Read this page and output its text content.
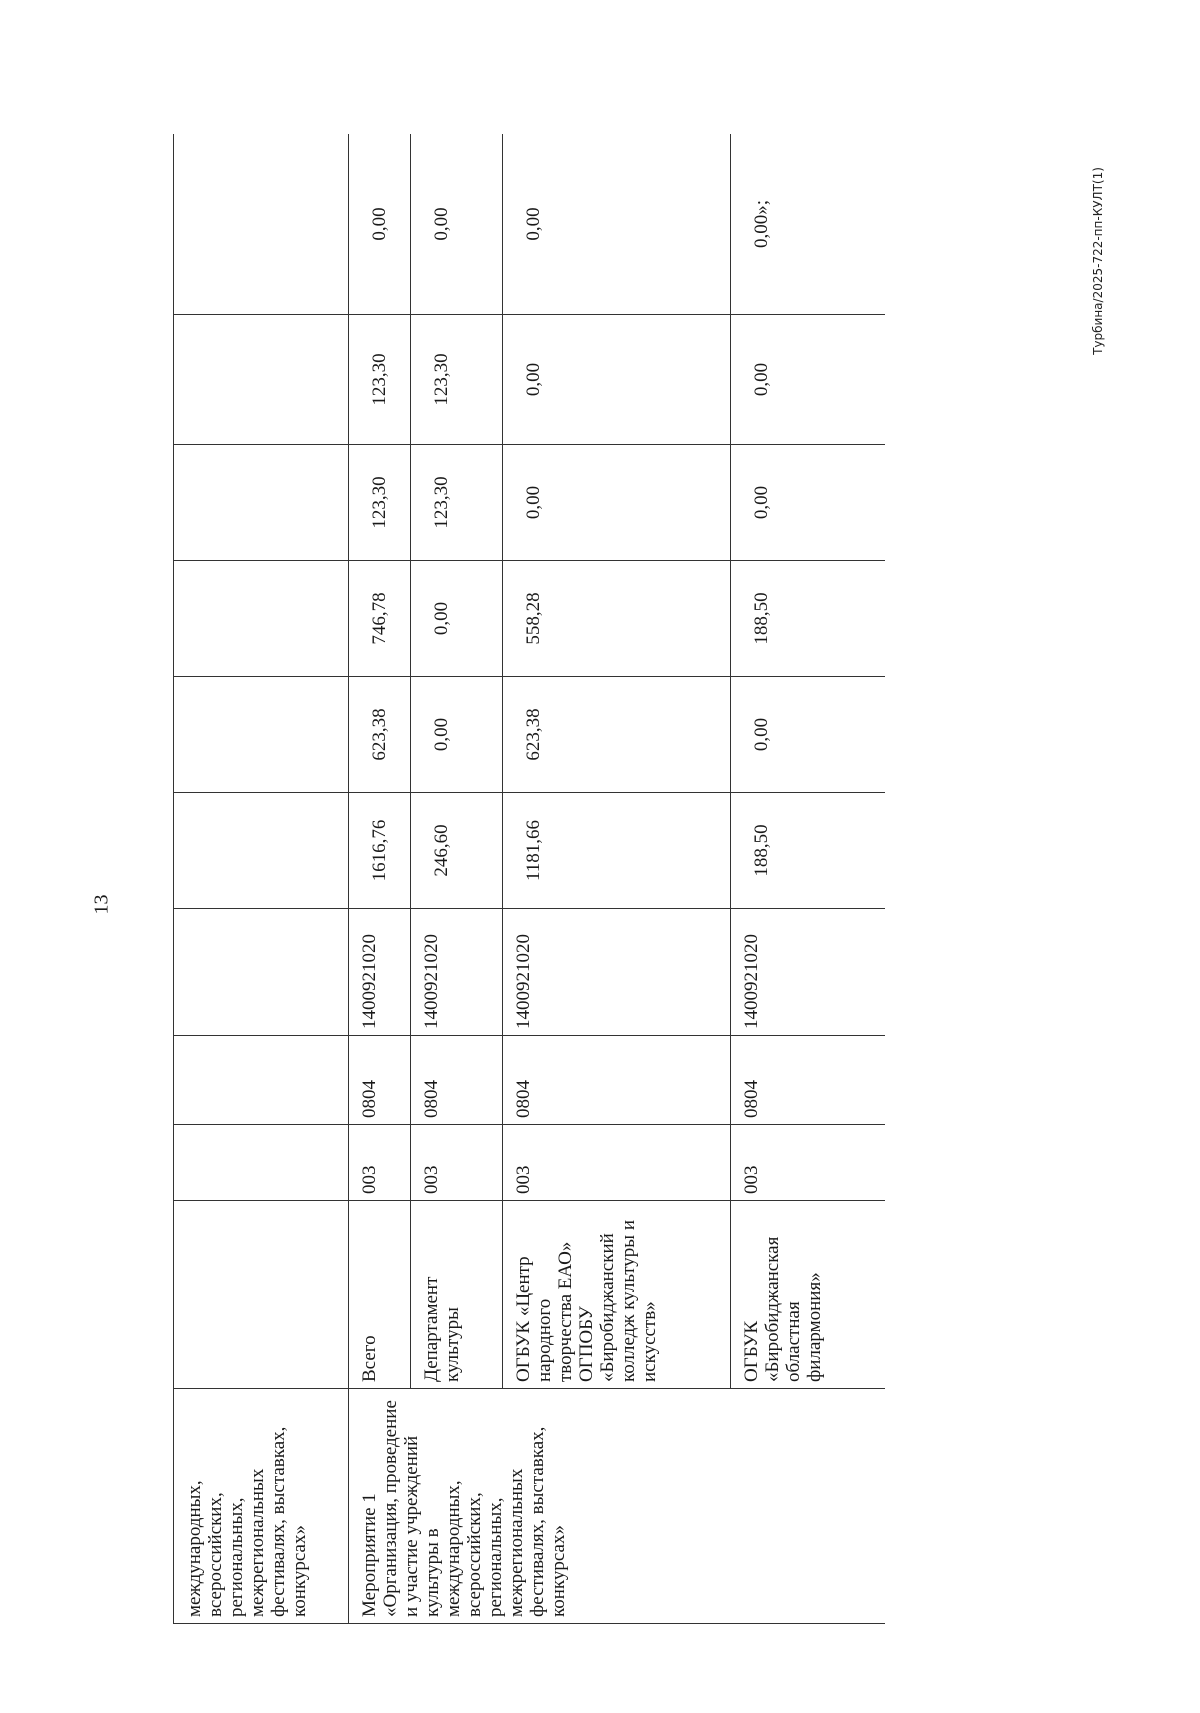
13
Турбина/2025-722-пп-КУЛТ(1)
международных, всероссийских, региональных, межрегиональных фестивалях, выставках, конкурсах»										
Мероприятие 1 «Организация, проведение и участие учреждений культуры в международных, всероссийских, региональных, межрегиональных фестивалях, выставках, конкурсах»	Всего	003	0804	1400921020	1616,76	623,38	746,78	123,30	123,30	0,00
	Департамент культуры	003	0804	1400921020	246,60	0,00	0,00	123,30	123,30	0,00
	ОГБУК «Центр народного творчества ЕАО» ОГПОБУ «Биробиджанский колледж культуры и искусств»	003	0804	1400921020	1181,66	623,38	558,28	0,00	0,00	0,00
	ОГБУК «Биробиджанская областная филармония»	003	0804	1400921020	188,50	0,00	188,50	0,00	0,00	0,00»;
